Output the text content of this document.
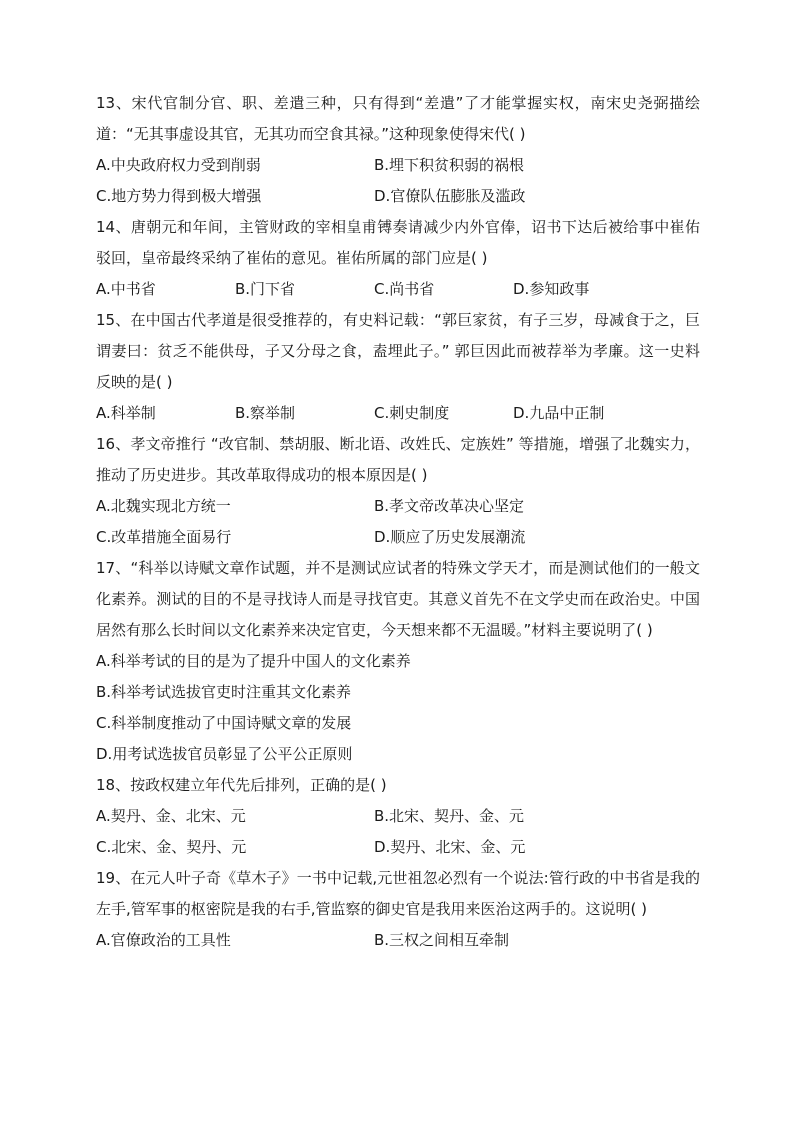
13、宋代官制分官、职、差遣三种，只有得到“差遣”了才能掌握实权，南宋史尧弼描绘道：“无其事虚设其官，无其功而空食其禄。”这种现象使得宋代( )

A.中央政府权力受到削弱	B.埋下积贫积弱的祸根
C.地方势力得到极大增强	D.官僚队伍膨胀及滥政

14、唐朝元和年间，主管财政的宰相皇甫镈奏请减少内外官俸，诏书下达后被给事中崔佑驳回，皇帝最终采纳了崔佑的意见。崔佑所属的部门应是( )

A.中书省	B.门下省	C.尚书省	D.参知政事

15、在中国古代孝道是很受推荐的，有史料记载：“郭巨家贫，有子三岁，母减食于之，巨谓妻曰：贫乏不能供母，子又分母之食，盍埋此子。” 郭巨因此而被荐举为孝廉。这一史料反映的是( )

A.科举制	B.察举制	C.刺史制度	D.九品中正制

16、孝文帝推行 “改官制、禁胡服、断北语、改姓氏、定族姓” 等措施，增强了北魏实力，推动了历史进步。其改革取得成功的根本原因是( )

A.北魏实现北方统一	B.孝文帝改革决心坚定
C.改革措施全面易行	D.顺应了历史发展潮流

17、“科举以诗赋文章作试题，并不是测试应试者的特殊文学天才，而是测试他们的一般文化素养。测试的目的不是寻找诗人而是寻找官吏。其意义首先不在文学史而在政治史。中国居然有那么长时间以文化素养来决定官吏，今天想来都不无温暖。”材料主要说明了( )

A.科举考试的目的是为了提升中国人的文化素养

B.科举考试选拔官吏时注重其文化素养

C.科举制度推动了中国诗赋文章的发展

D.用考试选拔官员彰显了公平公正原则

18、按政权建立年代先后排列，正确的是( )

A.契丹、金、北宋、元	B.北宋、契丹、金、元
C.北宋、金、契丹、元	D.契丹、北宋、金、元

19、在元人叶子奇《草木子》一书中记载,元世祖忽必烈有一个说法:管行政的中书省是我的左手,管军事的枢密院是我的右手,管监察的御史官是我用来医治这两手的。这说明( )

A.官僚政治的工具性	B.三权之间相互牵制
